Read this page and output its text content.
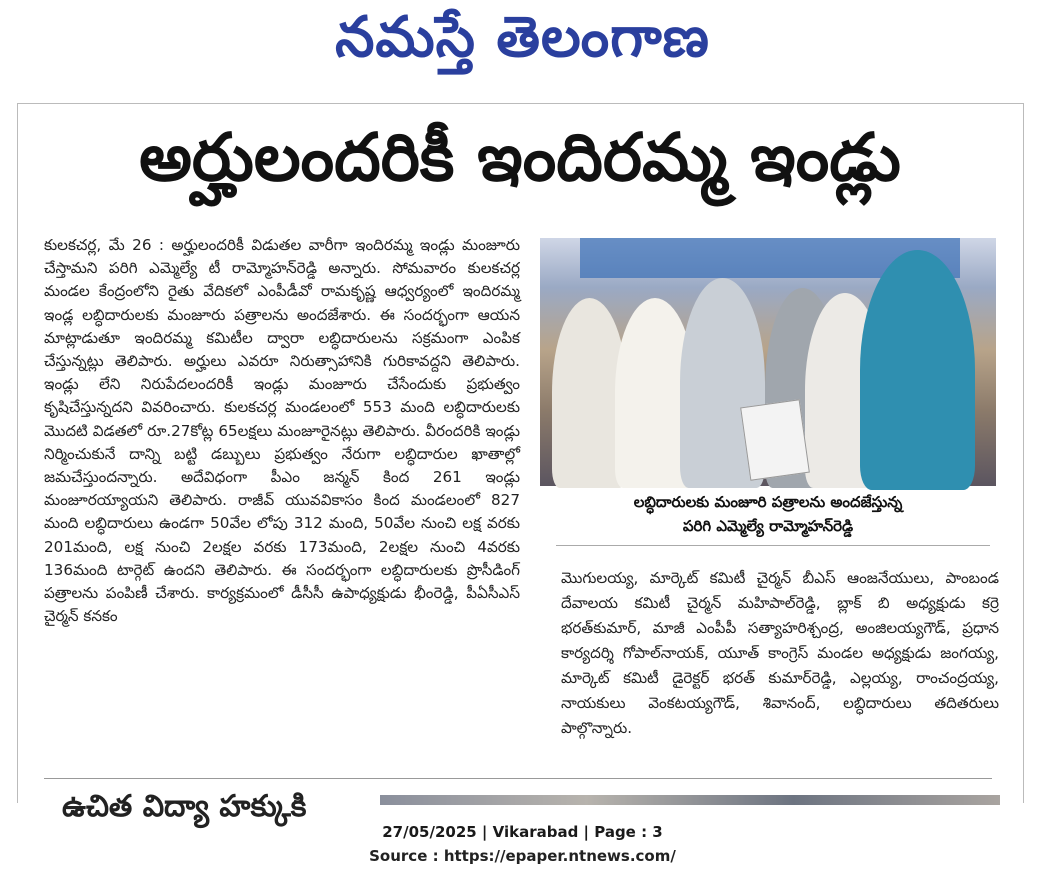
నమస్తే తెలంగాణ
అర్హులందరికీ ఇందిరమ్మ ఇండ్లు

కులకచర్ల, మే 26 : అర్హులందరికీ విడుతల వారీగా ఇందిరమ్మ ఇండ్లు మంజూరు చేస్తామని పరిగి ఎమ్మెల్యే టీ రామ్మోహన్‌రెడ్డి అన్నారు. సోమవారం కులకచర్ల మండల కేంద్రంలోని రైతు వేదికలో ఎంపీడీవో రామకృష్ణ ఆధ్వర్యంలో ఇందిరమ్మ ఇండ్ల లబ్ధిదారులకు మంజూరు పత్రాలను అందజేశారు. ఈ సందర్భంగా ఆయన మాట్లాడుతూ ఇందిరమ్మ కమిటీల ద్వారా లబ్ధిదారులను సక్రమంగా ఎంపిక చేస్తున్నట్లు తెలిపారు. అర్హులు ఎవరూ నిరుత్సాహానికి గురికావద్దని తెలిపారు. ఇండ్లు లేని నిరుపేదలందరికీ ఇండ్లు మంజూరు చేసేందుకు ప్రభుత్వం కృషిచేస్తున్నదని వివరించారు. కులకచర్ల మండలంలో 553 మంది లబ్ధిదారులకు మొదటి విడతలో రూ.27కోట్ల 65లక్షలు మంజూరైనట్లు తెలిపారు. వీరందరికి ఇండ్లు నిర్మించుకునే దాన్ని బట్టి డబ్బులు ప్రభుత్వం నేరుగా లబ్ధిదారుల ఖాతాల్లో జమచేస్తుందన్నారు. అదేవిధంగా పీఎం జన్మన్ కింద 261 ఇండ్లు మంజూరయ్యాయని తెలిపారు. రాజీవ్ యువవికాసం కింద మండలంలో 827 మంది లబ్ధిదారులు ఉండగా 50వేల లోపు 312 మంది, 50వేల నుంచి లక్ష వరకు 201మంది, లక్ష నుంచి 2లక్షల వరకు 173మంది, 2లక్షల నుంచి 4వరకు 136మంది టార్గెట్ ఉందని తెలిపారు. ఈ సందర్భంగా లబ్ధిదారులకు ప్రొసీడింగ్ పత్రాలను పంపిణీ చేశారు. కార్యక్రమంలో డీసీసీ ఉపాధ్యక్షుడు భీంరెడ్డి, పీఏసీఎస్ చైర్మన్ కనకం

లబ్ధిదారులకు మంజూరి పత్రాలను అందజేస్తున్న
పరిగి ఎమ్మెల్యే రామ్మోహన్‌రెడ్డి

మొగులయ్య, మార్కెట్ కమిటీ చైర్మన్ బీఎస్ ఆంజనేయులు, పాంబండ దేవాలయ కమిటీ చైర్మన్ మహిపాల్‌రెడ్డి, బ్లాక్ బి అధ్యక్షుడు కర్రె భరత్‌కుమార్, మాజీ ఎంపీపీ సత్యాహరిశ్చంద్ర, అంజిలయ్యగౌడ్, ప్రధాన కార్యదర్శి గోపాల్‌నాయక్, యూత్ కాంగ్రెస్ మండల అధ్యక్షుడు జంగయ్య, మార్కెట్ కమిటీ డైరెక్టర్ భరత్ కుమార్‌రెడ్డి, ఎల్లయ్య, రాంచంద్రయ్య, నాయకులు వెంకటయ్యగౌడ్, శివానంద్, లబ్ధిదారులు తదితరులు పాల్గొన్నారు.

ఉచిత విద్యా హక్కుకి
27/05/2025 | Vikarabad | Page : 3
Source : https://epaper.ntnews.com/
